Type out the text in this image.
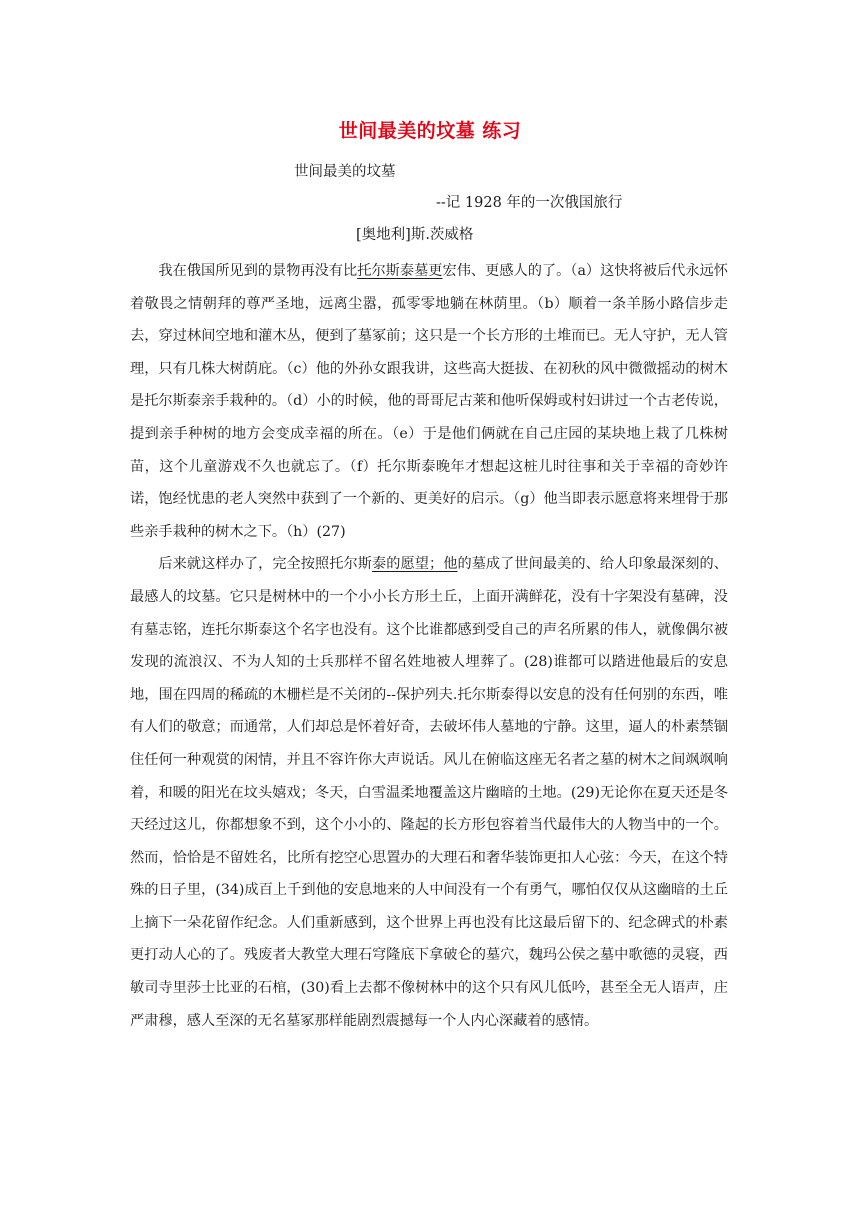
世间最美的坟墓 练习
世间最美的坟墓
--记 1928 年的一次俄国旅行
[奥地利]斯.茨威格

我在俄国所见到的景物再没有比托尔斯泰墓更宏伟、更感人的了。（a）这快将被后代永远怀着敬畏之情朝拜的尊严圣地，远离尘嚣，孤零零地躺在林荫里。（b）顺着一条羊肠小路信步走去，穿过林间空地和灌木丛，便到了墓冢前；这只是一个长方形的土堆而已。无人守护，无人管理，只有几株大树荫庇。（c）他的外孙女跟我讲，这些高大挺拔、在初秋的风中微微摇动的树木是托尔斯泰亲手栽种的。（d）小的时候，他的哥哥尼古莱和他听保姆或村妇讲过一个古老传说，提到亲手种树的地方会变成幸福的所在。（e）于是他们俩就在自己庄园的某块地上栽了几株树苗，这个儿童游戏不久也就忘了。（f）托尔斯泰晚年才想起这桩儿时往事和关于幸福的奇妙许诺，饱经忧患的老人突然中获到了一个新的、更美好的启示。（g）他当即表示愿意将来埋骨于那些亲手栽种的树木之下。（h）(27)

后来就这样办了，完全按照托尔斯泰的愿望；他的墓成了世间最美的、给人印象最深刻的、最感人的坟墓。它只是树林中的一个小小长方形土丘，上面开满鲜花，没有十字架没有墓碑，没有墓志铭，连托尔斯泰这个名字也没有。这个比谁都感到受自己的声名所累的伟人，就像偶尔被发现的流浪汉、不为人知的士兵那样不留名姓地被人埋葬了。(28)谁都可以踏进他最后的安息地，围在四周的稀疏的木栅栏是不关闭的--保护列夫.托尔斯泰得以安息的没有任何别的东西，唯有人们的敬意；而通常，人们却总是怀着好奇，去破坏伟人墓地的宁静。这里，逼人的朴素禁锢住任何一种观赏的闲情，并且不容许你大声说话。风儿在俯临这座无名者之墓的树木之间飒飒响着，和暖的阳光在坟头嬉戏；冬天，白雪温柔地覆盖这片幽暗的土地。(29)无论你在夏天还是冬天经过这儿，你都想象不到，这个小小的、隆起的长方形包容着当代最伟大的人物当中的一个。然而，恰恰是不留姓名，比所有挖空心思置办的大理石和奢华装饰更扣人心弦：今天，在这个特殊的日子里，(34)成百上千到他的安息地来的人中间没有一个有勇气，哪怕仅仅从这幽暗的土丘上摘下一朵花留作纪念。人们重新感到，这个世界上再也没有比这最后留下的、纪念碑式的朴素更打动人心的了。残废者大教堂大理石穹隆底下拿破仑的墓穴，魏玛公侯之墓中歌德的灵寝，西敏司寺里莎士比亚的石棺，(30)看上去都不像树林中的这个只有风儿低吟，甚至全无人语声，庄严肃穆，感人至深的无名墓冢那样能剧烈震撼每一个人内心深藏着的感情。
